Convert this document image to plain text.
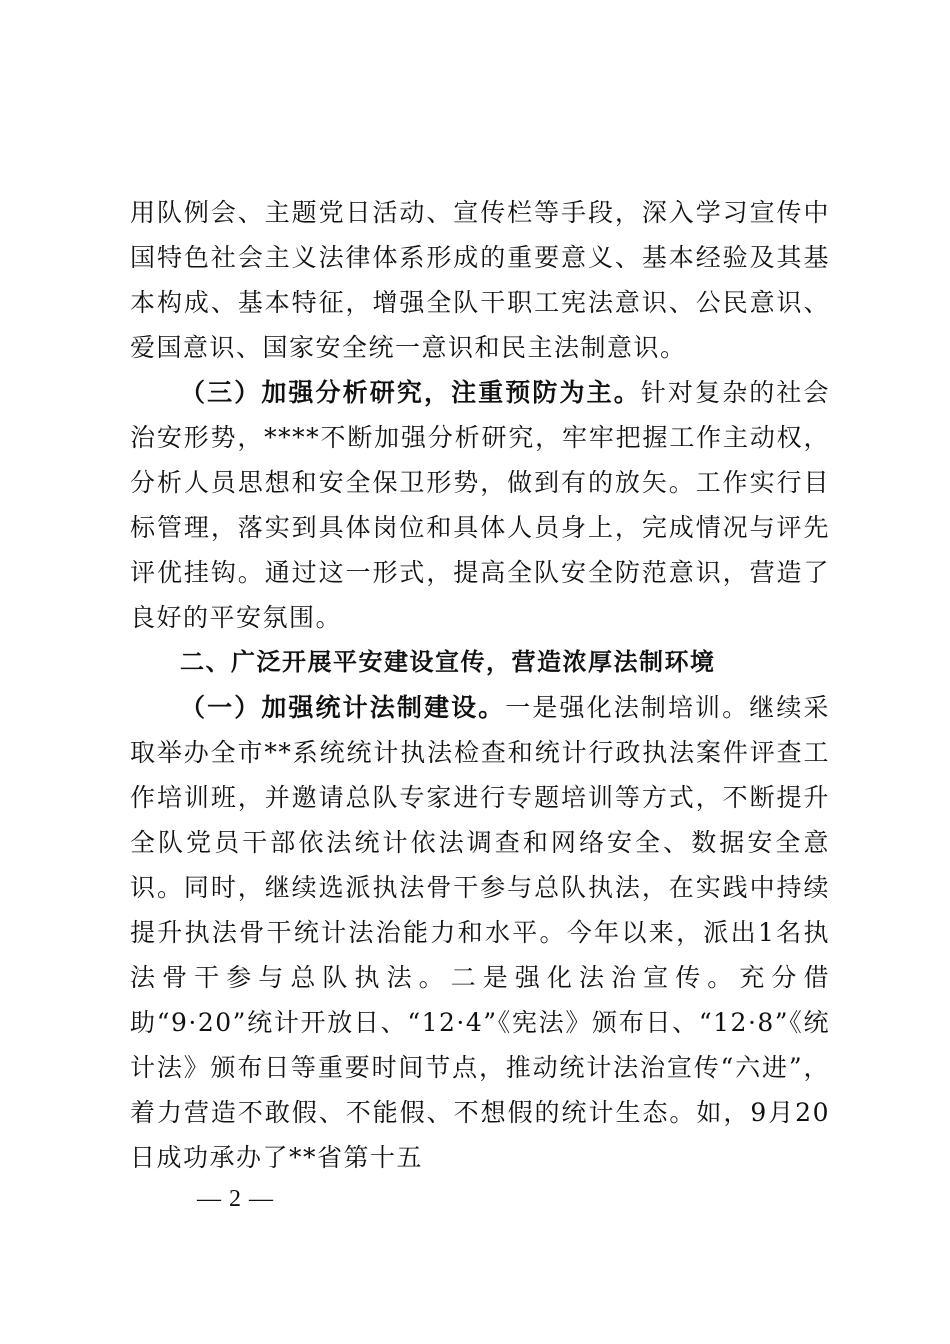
用队例会、主题党日活动、宣传栏等手段，深入学习宣传中国特色社会主义法律体系形成的重要意义、基本经验及其基本构成、基本特征，增强全队干职工宪法意识、公民意识、爱国意识、国家安全统一意识和民主法制意识。

（三）加强分析研究，注重预防为主。针对复杂的社会治安形势，****不断加强分析研究，牢牢把握工作主动权，分析人员思想和安全保卫形势，做到有的放矢。工作实行目标管理，落实到具体岗位和具体人员身上，完成情况与评先评优挂钩。通过这一形式，提高全队安全防范意识，营造了良好的平安氛围。

二、广泛开展平安建设宣传，营造浓厚法制环境

（一）加强统计法制建设。一是强化法制培训。继续采取举办全市**系统统计执法检查和统计行政执法案件评查工作培训班，并邀请总队专家进行专题培训等方式，不断提升全队党员干部依法统计依法调查和网络安全、数据安全意识。同时，继续选派执法骨干参与总队执法，在实践中持续提升执法骨干统计法治能力和水平。今年以来，派出1名执法骨干参与总队执法。二是强化法治宣传。充分借助“9·20”统计开放日、“12·4”《宪法》颁布日、“12·8”《统计法》颁布日等重要时间节点，推动统计法治宣传“六进”，着力营造不敢假、不能假、不想假的统计生态。如，9月20日成功承办了**省第十五

— 2 —
